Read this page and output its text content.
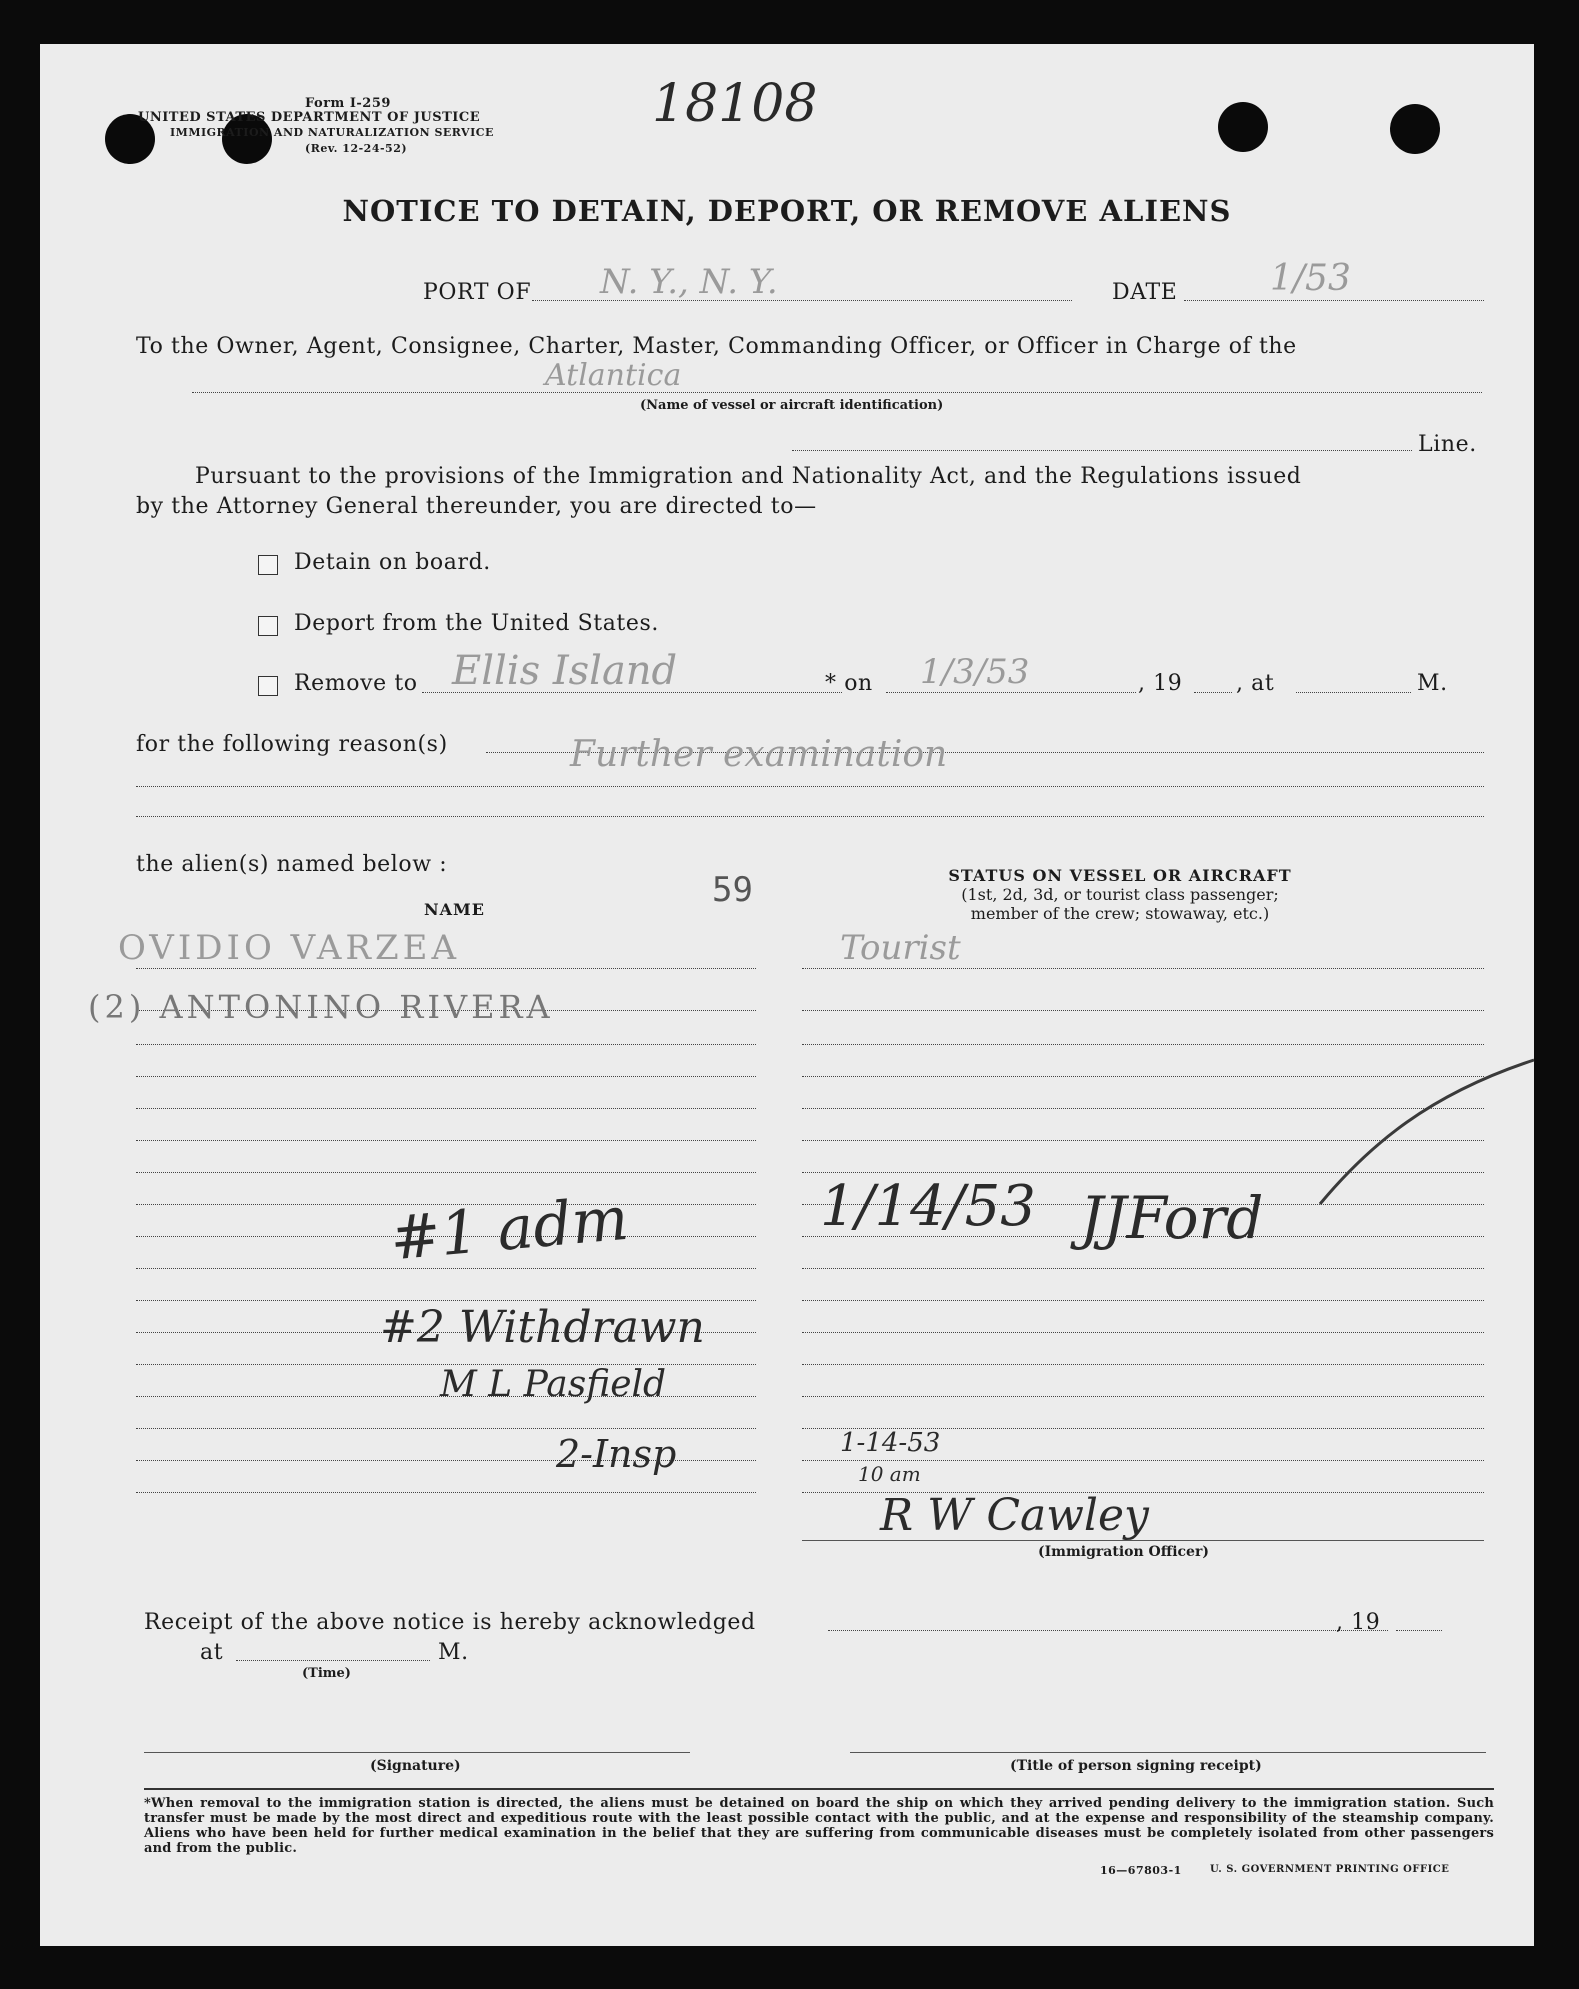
Form I-259
UNITED STATES DEPARTMENT OF JUSTICE
IMMIGRATION AND NATURALIZATION SERVICE
(Rev. 12-24-52)
18108
NOTICE TO DETAIN, DEPORT, OR REMOVE ALIENS
PORT OF N. Y., N. Y.	DATE	1/53
To the Owner, Agent, Consignee, Charter, Master, Commanding Officer, or Officer in Charge of the
Atlantica
(Name of vessel or aircraft identification)
Line.
Pursuant to the provisions of the Immigration and Nationality Act, and the Regulations issued
by the Attorney General thereunder, you are directed to—
Detain on board.
Deport from the United States.
Remove to Ellis Island	* on 1/3/53	, 19 , at	M.
for the following reason(s)	Further examination
the alien(s) named below :
NAME	59	STATUS ON VESSEL OR AIRCRAFT
(1st, 2d, 3d, or tourist class passenger;
member of the crew; stowaway, etc.)
OVIDIO VARZEA	Tourist
(2) ANTONINO RIVERA
#1 adm	1/14/53 JJFord
#2 Withdrawn
M L Pasfield
2-Insp	1-14-53
10 am
R W Cawley
(Immigration Officer)
Receipt of the above notice is hereby acknowledged	, 19
at	M.
(Time)
(Signature)	(Title of person signing receipt)
*When removal to the immigration station is directed, the aliens must be detained on board the ship on which they arrived pending delivery to the immigration station. Such transfer must be made by the most direct and expeditious route with the least possible contact with the public, and at the expense and responsibility of the steamship company. Aliens who have been held for further medical examination in the belief that they are suffering from communicable diseases must be completely isolated from other passengers and from the public.
16—67803-1	U. S. GOVERNMENT PRINTING OFFICE
